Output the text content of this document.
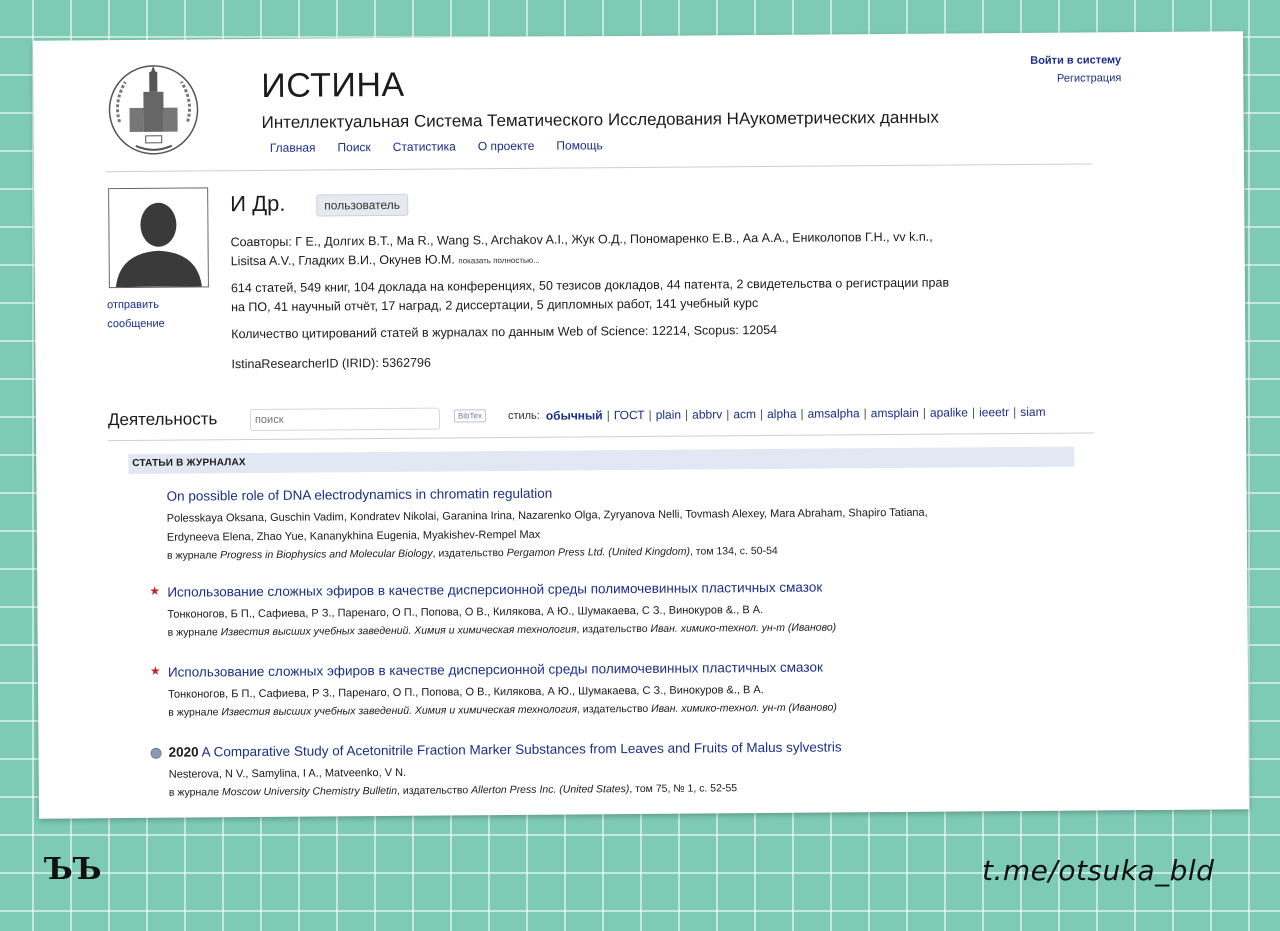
ИСТИНА
Интеллектуальная Система Тематического Исследования НАукометрических данных
Главная Поиск Статистика О проекте Помощь
Войти в систему
Регистрация
отправить сообщение
И Др.	пользователь
Соавторы: Г Е., Долгих В.Т., Ма R., Wang S., Archakov A.I., Жук О.Д., Пономаренко Е.В., Аа А.А., Ениколопов Г.Н., vv k.n.,
Lisitsa A.V., Гладких В.И., Окунев Ю.М. показать полностью...
614 статей, 549 книг, 104 доклада на конференциях, 50 тезисов докладов, 44 патента, 2 свидетельства о регистрации прав
на ПО, 41 научный отчёт, 17 наград, 2 диссертации, 5 дипломных работ, 141 учебный курс
Количество цитирований статей в журналах по данным Web of Science: 12214, Scopus: 12054
IstinaResearcherID (IRID): 5362796
Деятельность
поиск	BibTex	стиль: обычный | ГОСТ | plain | abbrv | acm | alpha | amsalpha | amsplain | apalike | ieeetr | siam
СТАТЬИ В ЖУРНАЛАХ
On possible role of DNA electrodynamics in chromatin regulation
Polesskaya Oksana, Guschin Vadim, Kondratev Nikolai, Garanina Irina, Nazarenko Olga, Zyryanova Nelli, Tovmash Alexey, Mara Abraham, Shapiro Tatiana,
Erdyneeva Elena, Zhao Yue, Kananykhina Eugenia, Myakishev-Rempel Max
в журнале Progress in Biophysics and Molecular Biology, издательство Pergamon Press Ltd. (United Kingdom), том 134, с. 50-54
★ Использование сложных эфиров в качестве дисперсионной среды полимочевинных пластичных смазок
Тонконогов, Б П., Сафиева, Р З., Паренаго, О П., Попова, О В., Килякова, А Ю., Шумакаева, С З., Винокуров &., В А.
в журнале Известия высших учебных заведений. Химия и химическая технология, издательство Иван. химико-технол. ун-т (Иваново)
★ Использование сложных эфиров в качестве дисперсионной среды полимочевинных пластичных смазок
Тонконогов, Б П., Сафиева, Р З., Паренаго, О П., Попова, О В., Килякова, А Ю., Шумакаева, С З., Винокуров &., В А.
в журнале Известия высших учебных заведений. Химия и химическая технология, издательство Иван. химико-технол. ун-т (Иваново)
2020 A Comparative Study of Acetonitrile Fraction Marker Substances from Leaves and Fruits of Malus sylvestris
Nesterova, N V., Samylina, I A., Matveenko, V N.
в журнале Moscow University Chemistry Bulletin, издательство Allerton Press Inc. (United States), том 75, № 1, с. 52-55
ЪЪ	t.me/otsuka_bld
